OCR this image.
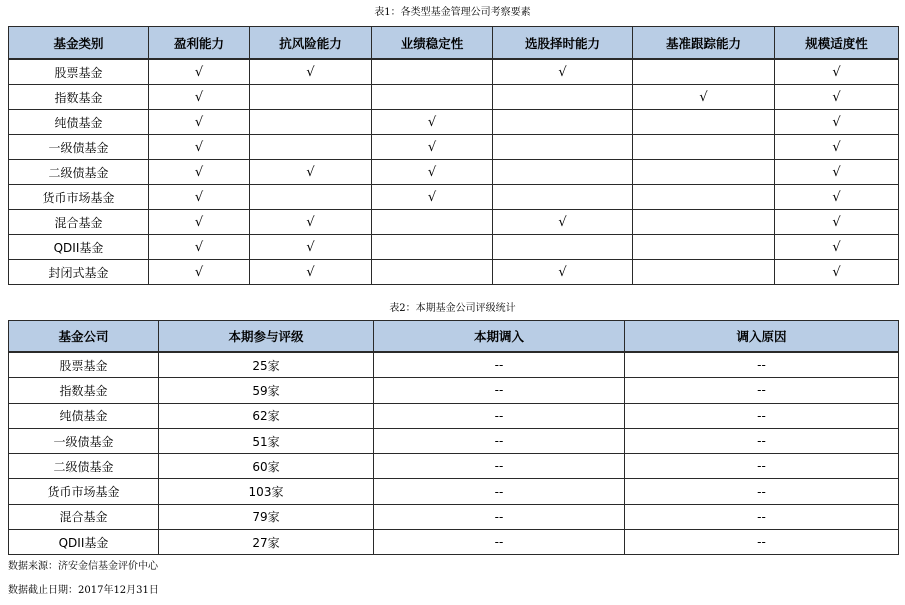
表1：各类型基金管理公司考察要素
基金类别	盈利能力	抗风险能力	业绩稳定性	选股择时能力	基准跟踪能力	规模适度性
股票基金	√	√		√		√
指数基金	√				√	√
纯债基金	√		√			√
一级债基金	√		√			√
二级债基金	√	√	√			√
货币市场基金	√		√			√
混合基金	√	√		√		√
QDII基金	√	√				√
封闭式基金	√	√		√		√
表2：本期基金公司评级统计
基金公司	本期参与评级	本期调入	调入原因
股票基金	25家	--	--
指数基金	59家	--	--
纯债基金	62家	--	--
一级债基金	51家	--	--
二级债基金	60家	--	--
货币市场基金	103家	--	--
混合基金	79家	--	--
QDII基金	27家	--	--
数据来源：济安金信基金评价中心
数据截止日期：2017年12月31日
